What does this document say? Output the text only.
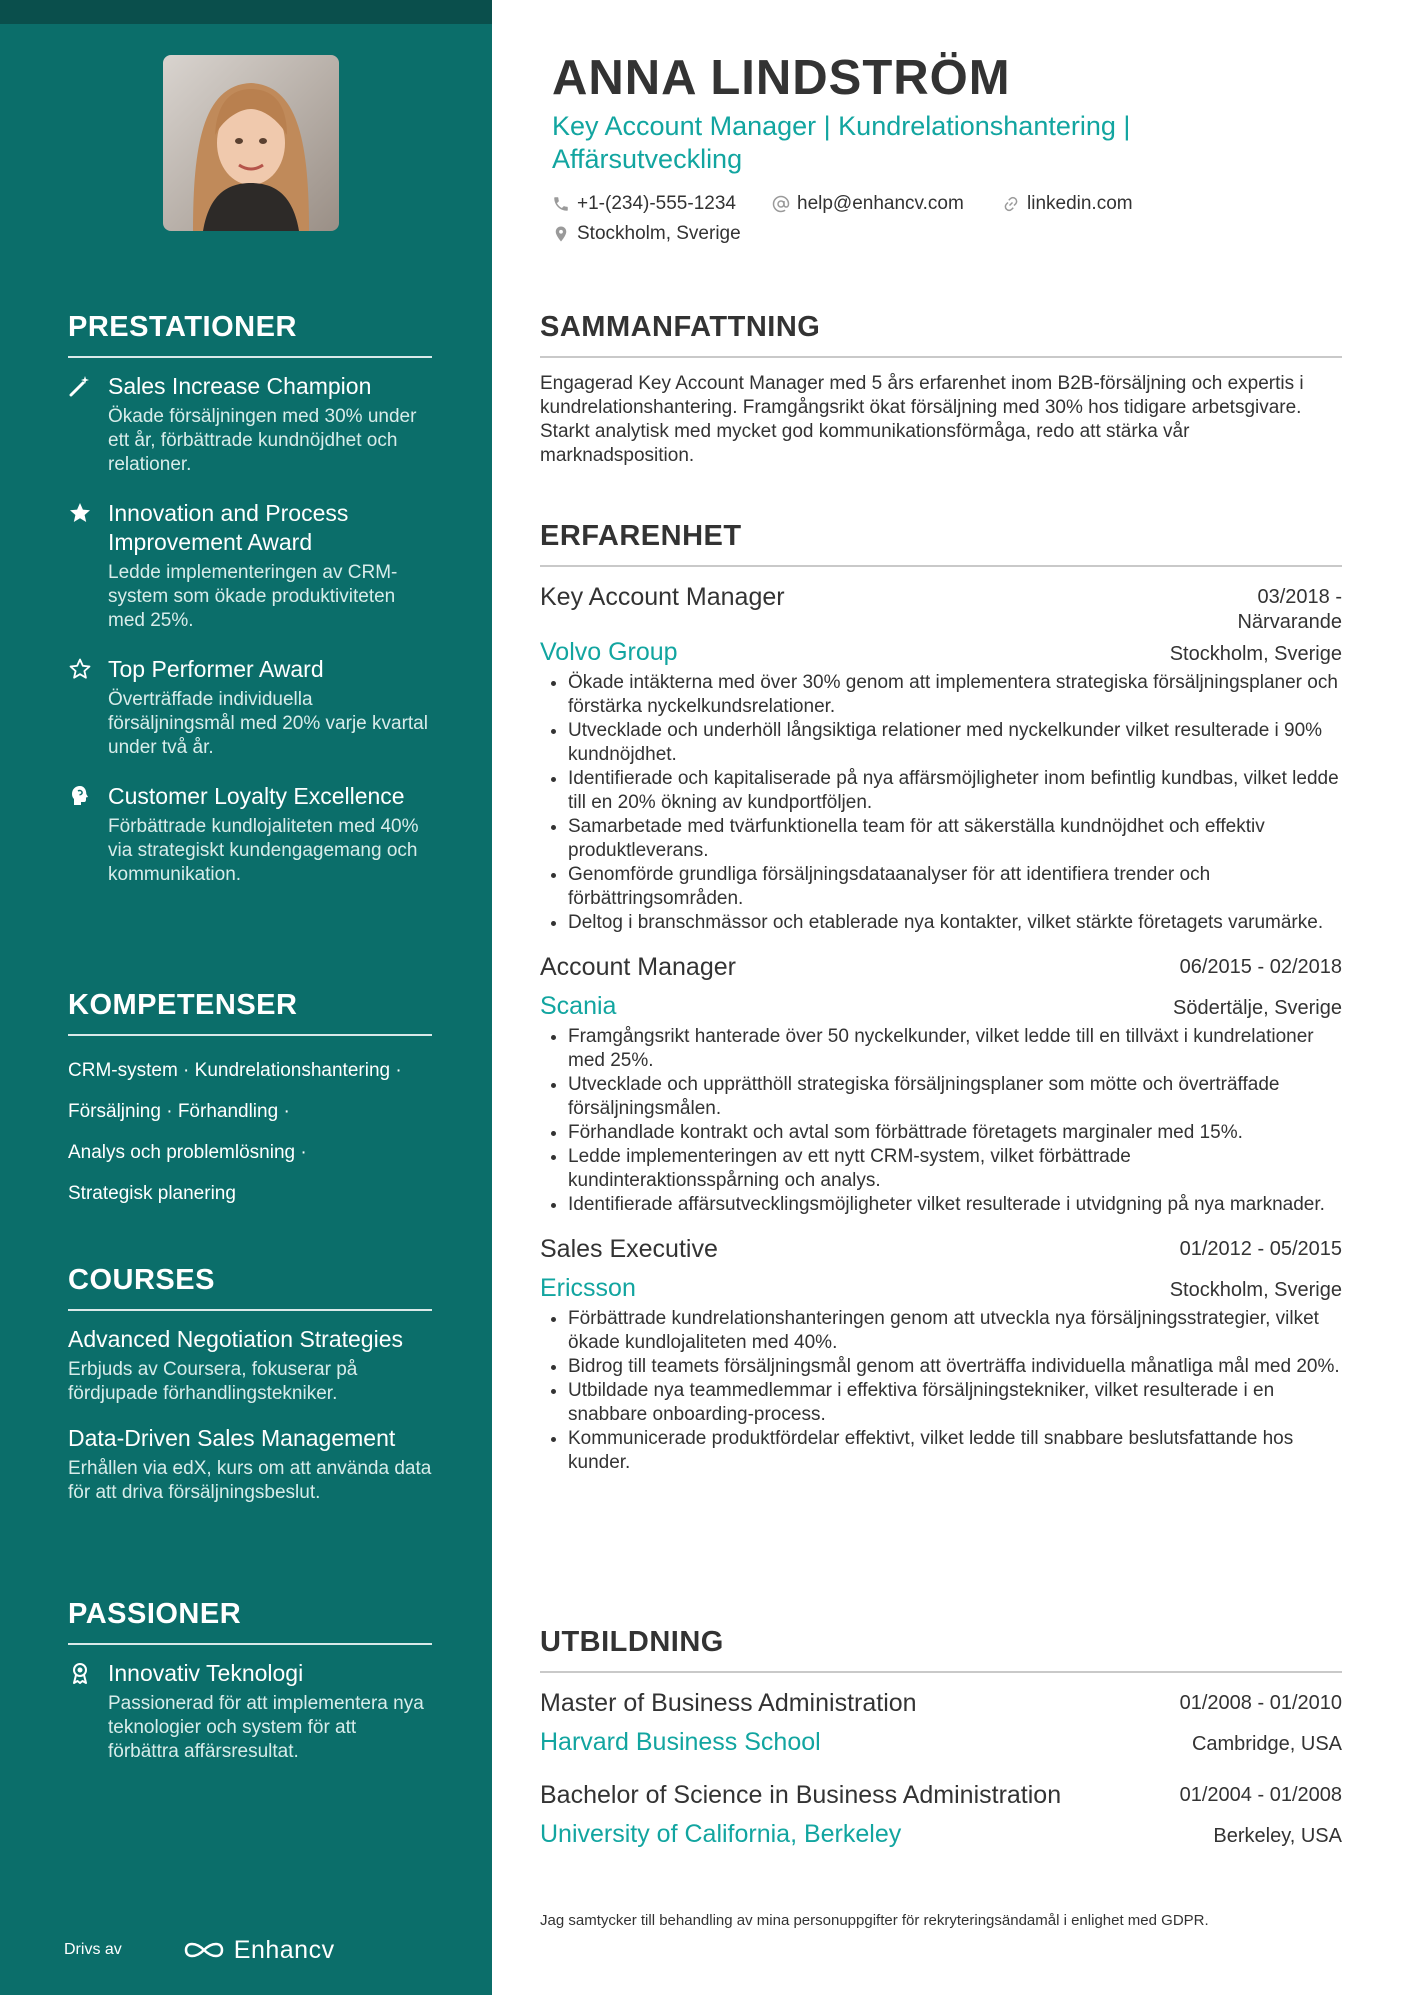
PRESTATIONER
Sales Increase Champion
Ökade försäljningen med 30% under ett år, förbättrade kundnöjdhet och relationer.
Innovation and Process Improvement Award
Ledde implementeringen av CRM-system som ökade produktiviteten med 25%.
Top Performer Award
Överträffade individuella försäljningsmål med 20% varje kvartal under två år.
Customer Loyalty Excellence
Förbättrade kundlojaliteten med 40% via strategiskt kundengagemang och kommunikation.
KOMPETENSER
CRM-system · Kundrelationshantering ·
Försäljning · Förhandling ·
Analys och problemlösning ·
Strategisk planering
COURSES
Advanced Negotiation Strategies
Erbjuds av Coursera, fokuserar på fördjupade förhandlingstekniker.
Data-Driven Sales Management
Erhållen via edX, kurs om att använda data för att driva försäljningsbeslut.
PASSIONER
Innovativ Teknologi
Passionerad för att implementera nya teknologier och system för att förbättra affärsresultat.
Drivs av	Enhancv
ANNA LINDSTRÖM
Key Account Manager | Kundrelationshantering | Affärsutveckling
+1-(234)-555-1234	help@enhancv.com	linkedin.com
Stockholm, Sverige
SAMMANFATTNING
Engagerad Key Account Manager med 5 års erfarenhet inom B2B-försäljning och expertis i kundrelationshantering. Framgångsrikt ökat försäljning med 30% hos tidigare arbetsgivare. Starkt analytisk med mycket god kommunikationsförmåga, redo att stärka vår marknadsposition.
ERFARENHET
Key Account Manager	03/2018 -
Närvarande
Volvo Group	Stockholm, Sverige
• Ökade intäkterna med över 30% genom att implementera strategiska försäljningsplaner och förstärka nyckelkundsrelationer.
• Utvecklade och underhöll långsiktiga relationer med nyckelkunder vilket resulterade i 90% kundnöjdhet.
• Identifierade och kapitaliserade på nya affärsmöjligheter inom befintlig kundbas, vilket ledde till en 20% ökning av kundportföljen.
• Samarbetade med tvärfunktionella team för att säkerställa kundnöjdhet och effektiv produktleverans.
• Genomförde grundliga försäljningsdataanalyser för att identifiera trender och förbättringsområden.
• Deltog i branschmässor och etablerade nya kontakter, vilket stärkte företagets varumärke.
Account Manager	06/2015 - 02/2018
Scania	Södertälje, Sverige
• Framgångsrikt hanterade över 50 nyckelkunder, vilket ledde till en tillväxt i kundrelationer med 25%.
• Utvecklade och upprätthöll strategiska försäljningsplaner som mötte och överträffade försäljningsmålen.
• Förhandlade kontrakt och avtal som förbättrade företagets marginaler med 15%.
• Ledde implementeringen av ett nytt CRM-system, vilket förbättrade kundinteraktionsspårning och analys.
• Identifierade affärsutvecklingsmöjligheter vilket resulterade i utvidgning på nya marknader.
Sales Executive	01/2012 - 05/2015
Ericsson	Stockholm, Sverige
• Förbättrade kundrelationshanteringen genom att utveckla nya försäljningsstrategier, vilket ökade kundlojaliteten med 40%.
• Bidrog till teamets försäljningsmål genom att överträffa individuella månatliga mål med 20%.
• Utbildade nya teammedlemmar i effektiva försäljningstekniker, vilket resulterade i en snabbare onboarding-process.
• Kommunicerade produktfördelar effektivt, vilket ledde till snabbare beslutsfattande hos kunder.
UTBILDNING
Master of Business Administration	01/2008 - 01/2010
Harvard Business School	Cambridge, USA
Bachelor of Science in Business Administration	01/2004 - 01/2008
University of California, Berkeley	Berkeley, USA
Jag samtycker till behandling av mina personuppgifter för rekryteringsändamål i enlighet med GDPR.
